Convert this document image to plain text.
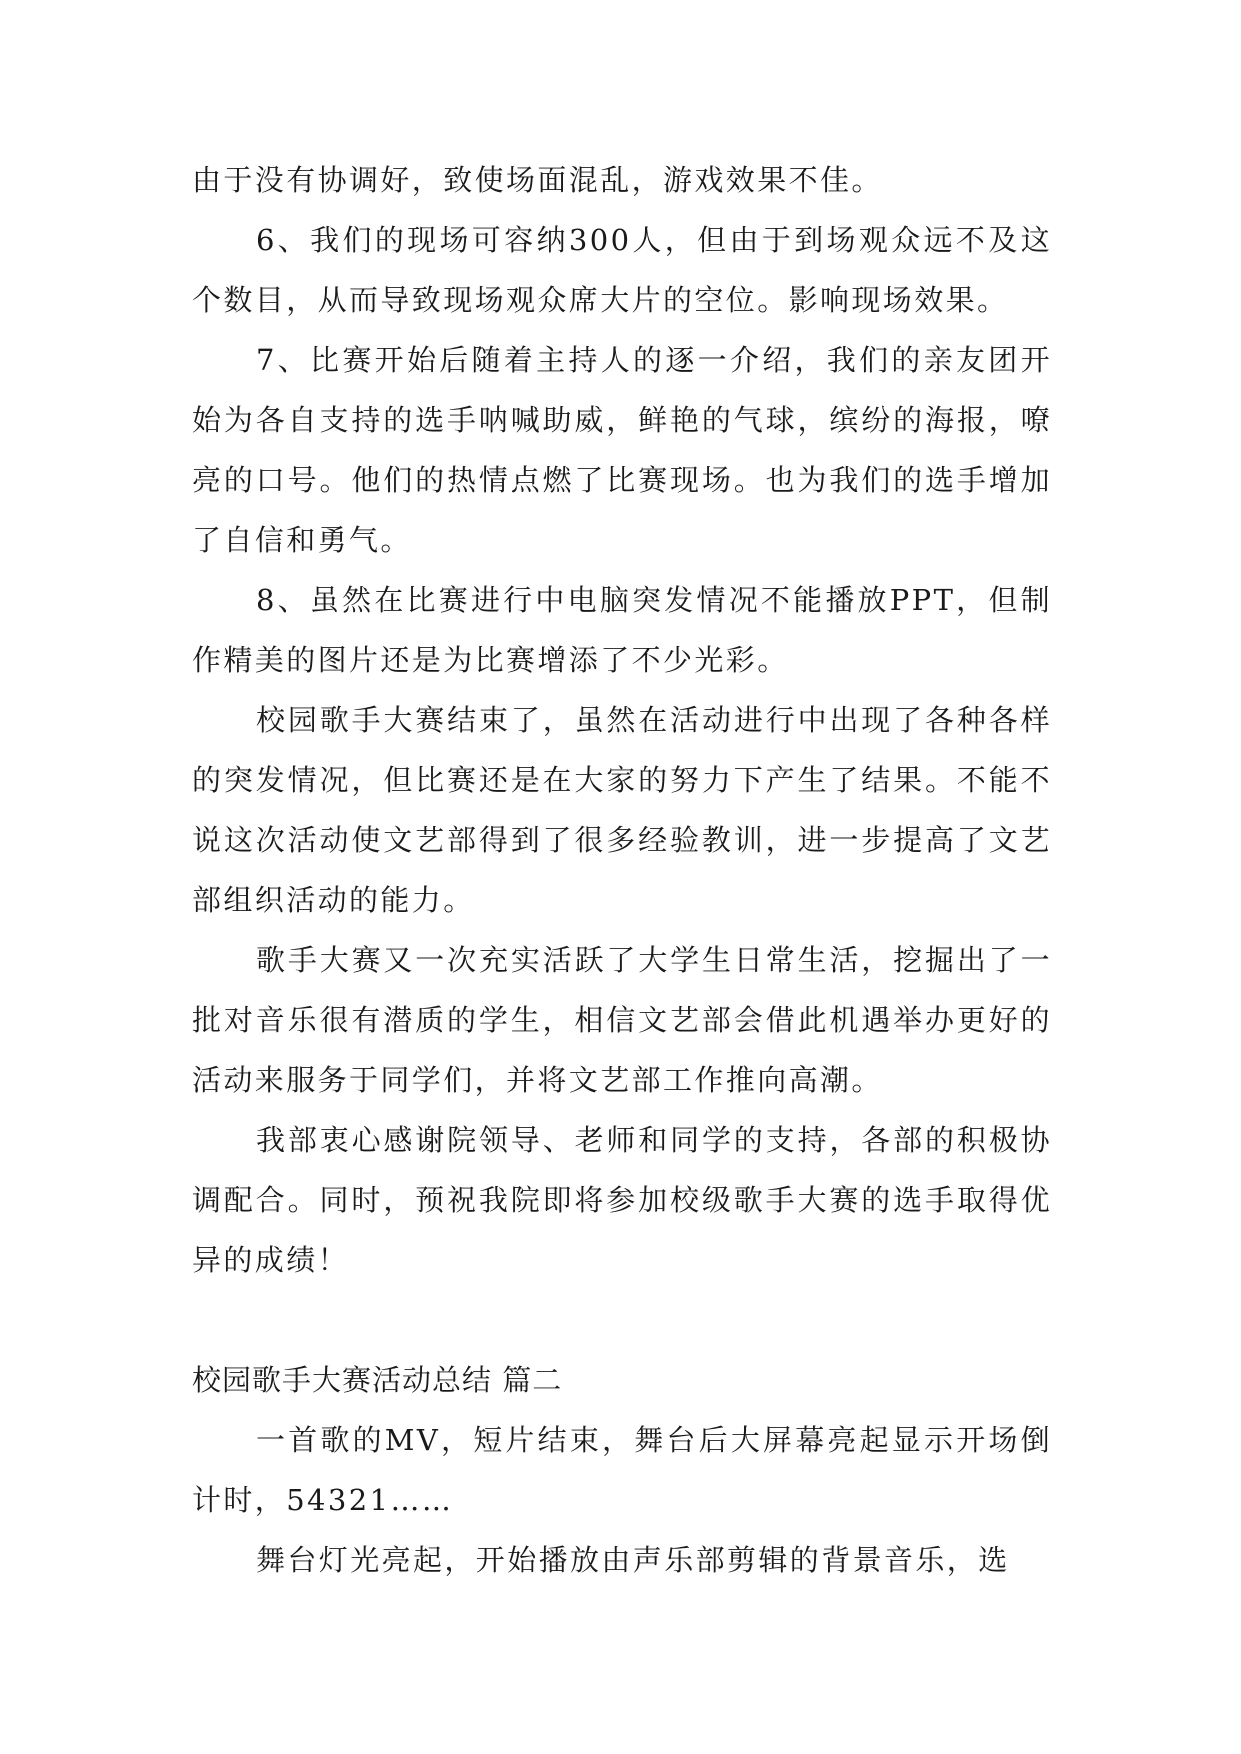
由于没有协调好，致使场面混乱，游戏效果不佳。

6、我们的现场可容纳300人，但由于到场观众远不及这个数目，从而导致现场观众席大片的空位。影响现场效果。

7、比赛开始后随着主持人的逐一介绍，我们的亲友团开始为各自支持的选手呐喊助威，鲜艳的气球，缤纷的海报，嘹亮的口号。他们的热情点燃了比赛现场。也为我们的选手增加了自信和勇气。

8、虽然在比赛进行中电脑突发情况不能播放PPT，但制作精美的图片还是为比赛增添了不少光彩。

校园歌手大赛结束了，虽然在活动进行中出现了各种各样的突发情况，但比赛还是在大家的努力下产生了结果。不能不说这次活动使文艺部得到了很多经验教训，进一步提高了文艺部组织活动的能力。

歌手大赛又一次充实活跃了大学生日常生活，挖掘出了一批对音乐很有潜质的学生，相信文艺部会借此机遇举办更好的活动来服务于同学们，并将文艺部工作推向高潮。

我部衷心感谢院领导、老师和同学的支持，各部的积极协调配合。同时，预祝我院即将参加校级歌手大赛的选手取得优异的成绩！

校园歌手大赛活动总结 篇二

一首歌的MV，短片结束，舞台后大屏幕亮起显示开场倒计时，54321……

舞台灯光亮起，开始播放由声乐部剪辑的背景音乐，选
